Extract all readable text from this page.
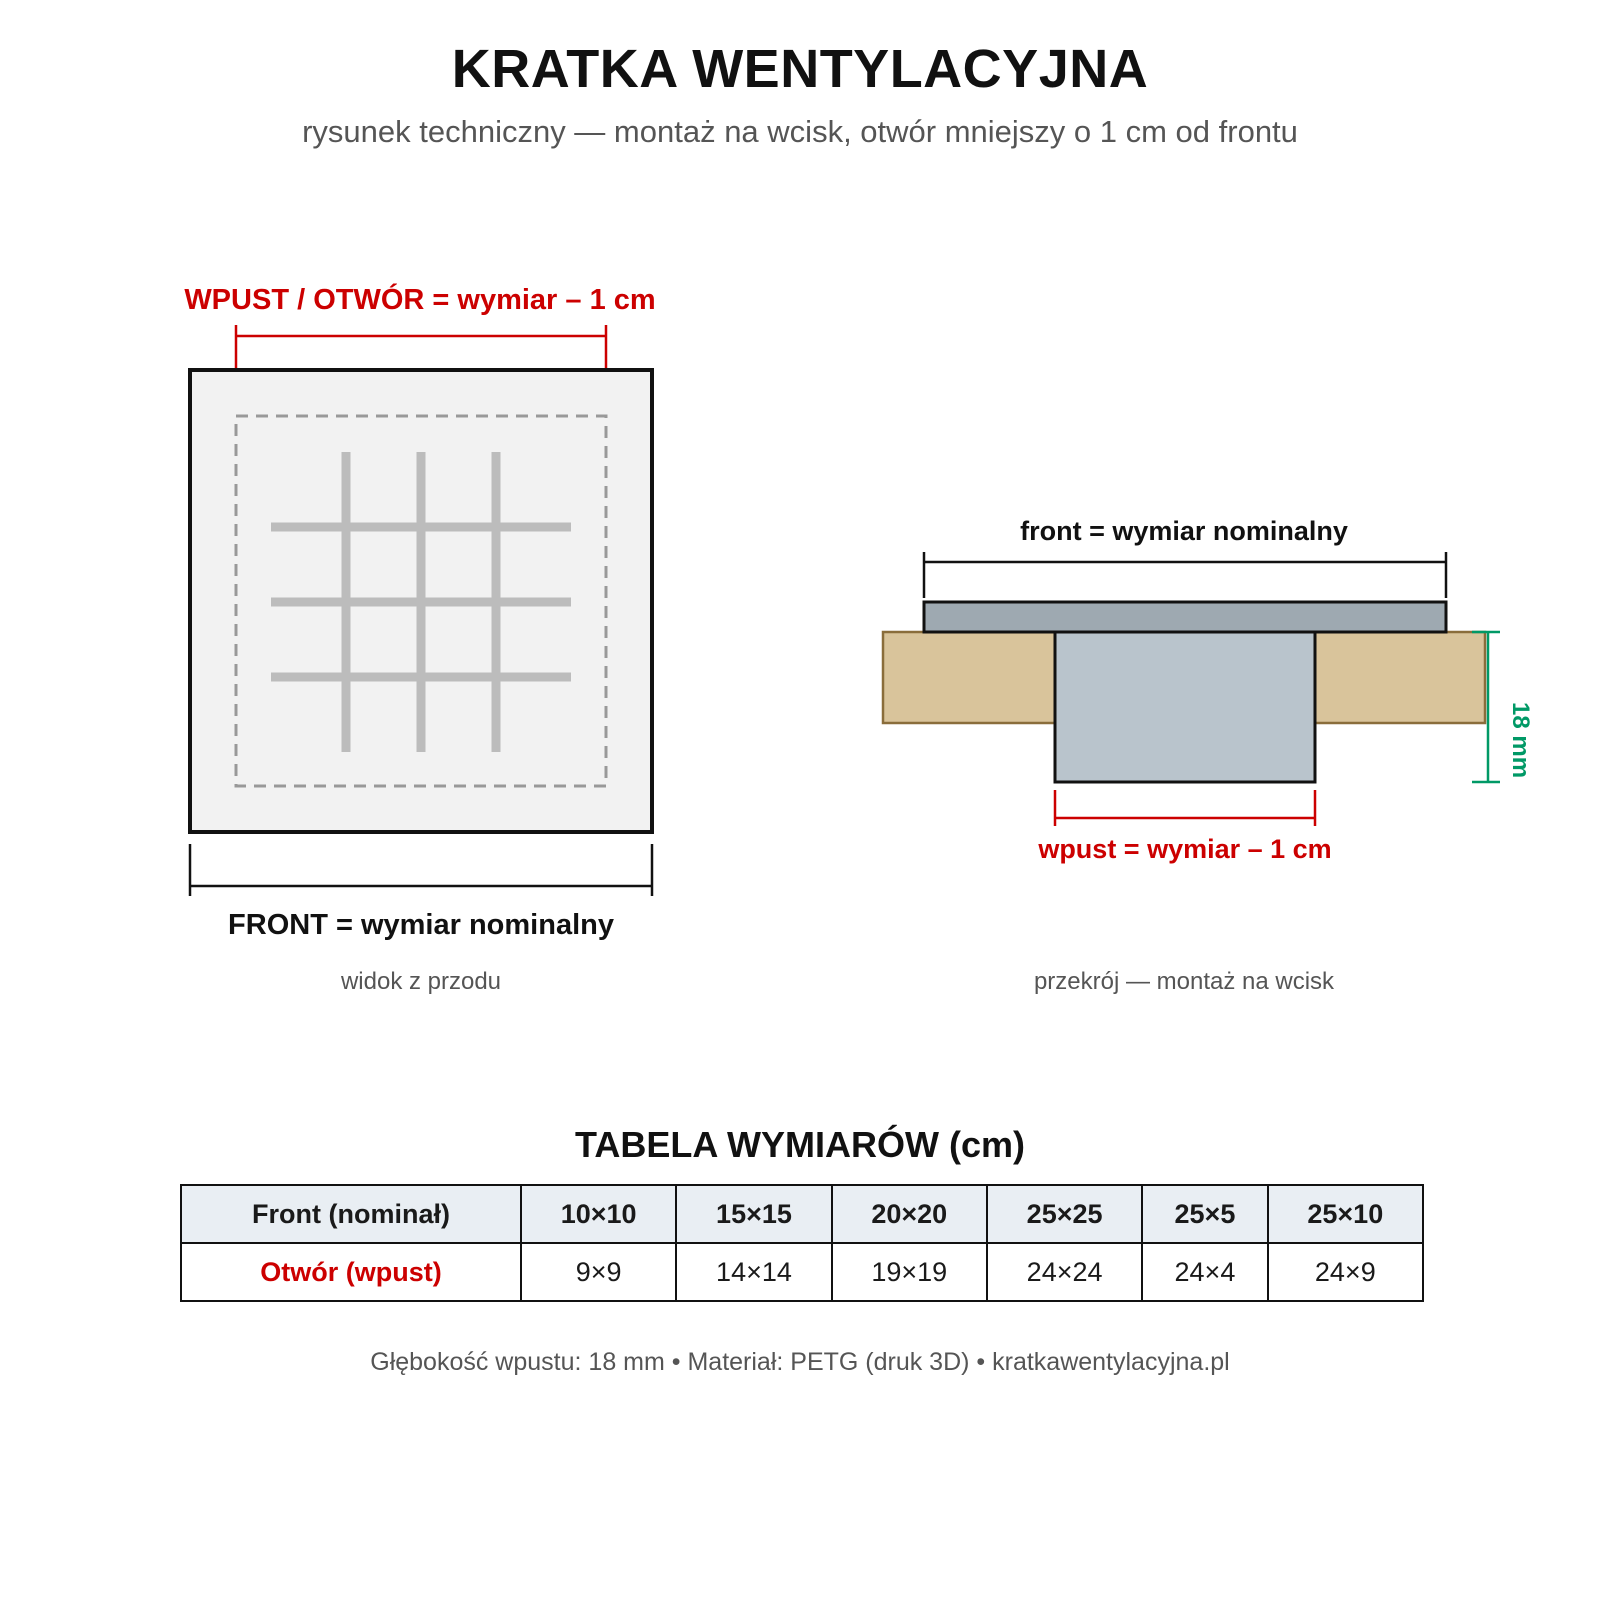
KRATKA WENTYLACYJNA
rysunek techniczny — montaż na wcisk, otwór mniejszy o 1 cm od frontu
WPUST / OTWÓR = wymiar – 1 cm
FRONT = wymiar nominalny
widok z przodu
front = wymiar nominalny
18 mm
wpust = wymiar – 1 cm
przekrój — montaż na wcisk
TABELA WYMIARÓW (cm)
Front (nominał)	10×10	15×15	20×20	25×25	25×5	25×10
Otwór (wpust)	9×9	14×14	19×19	24×24	24×4	24×9
Głębokość wpustu: 18 mm • Materiał: PETG (druk 3D) • kratkawentylacyjna.pl
